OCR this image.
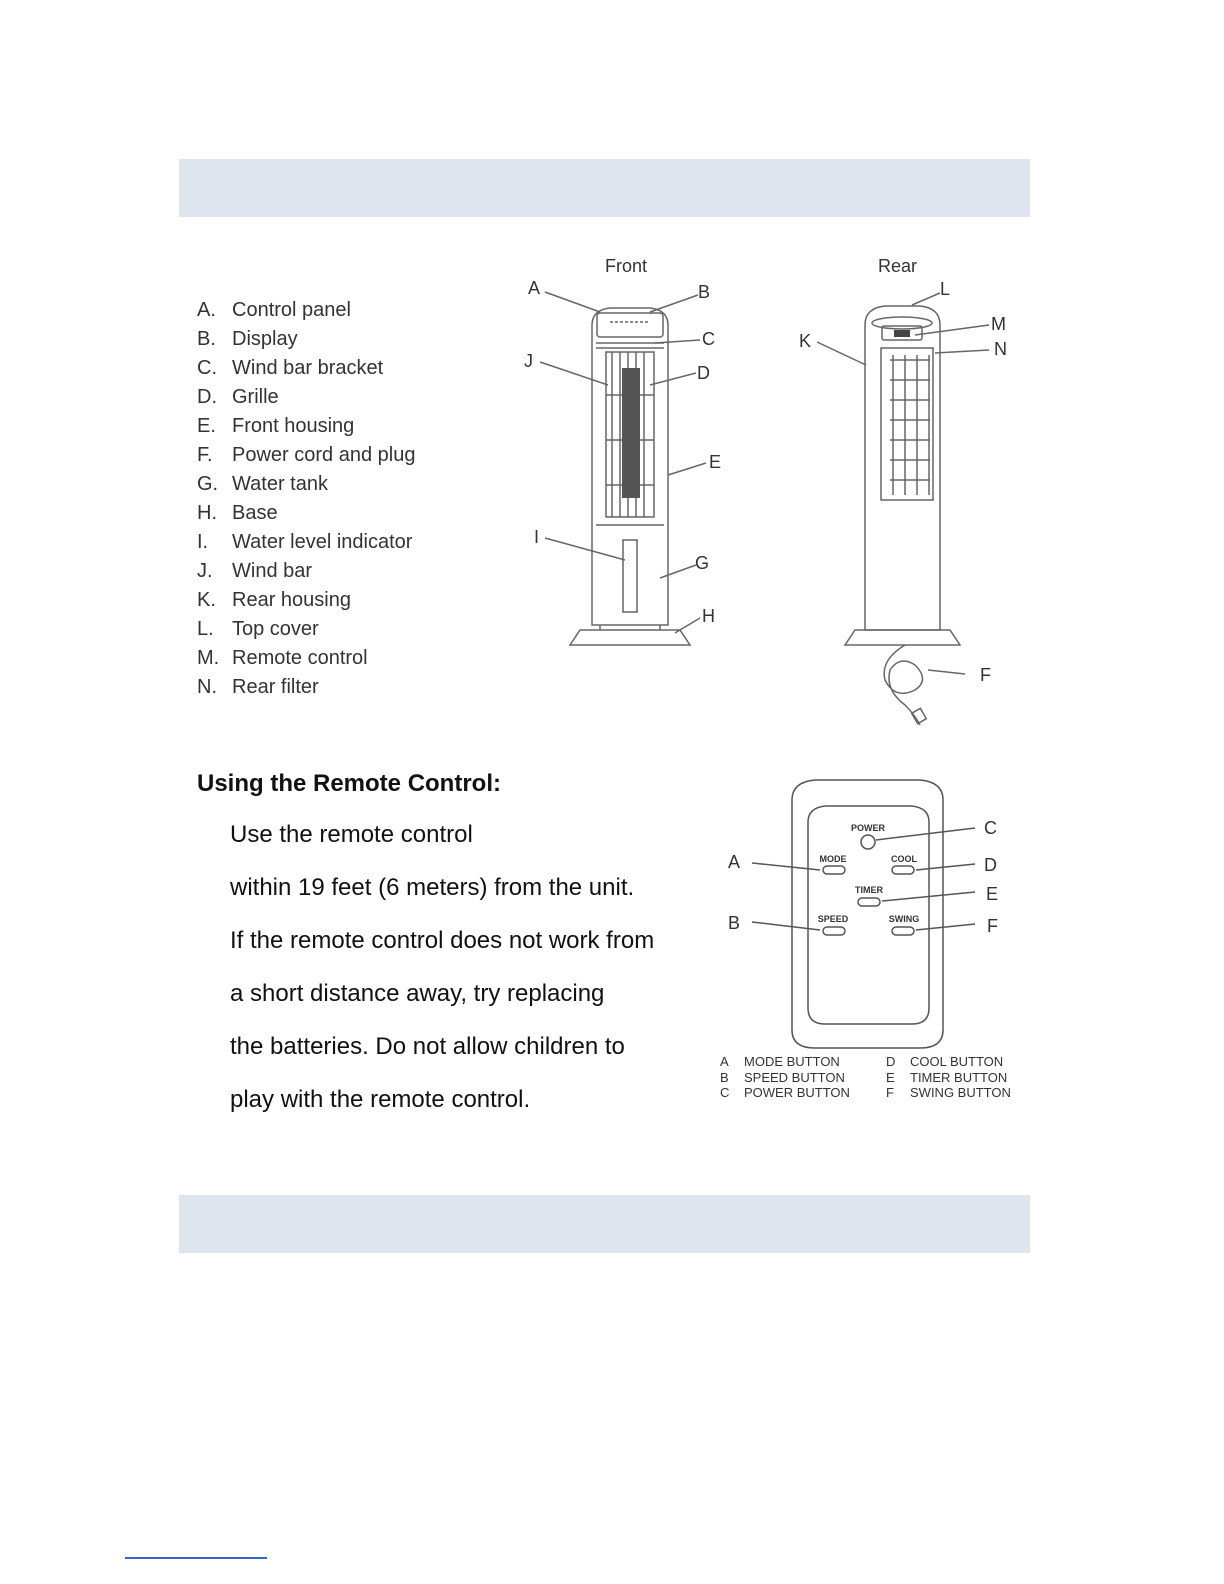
A. Control panel
B. Display
C. Wind bar bracket
D. Grille
E. Front housing
F. Power cord and plug
G. Water tank
H. Base
I. Water level indicator
J. Wind bar
K. Rear housing
L. Top cover
M. Remote control
N. Rear filter
Front	Rear
A	B
C
J
D
E
I
G
H
L
M
K	N
F
Using the Remote Control:
Use the remote control
within 19 feet (6 meters) from the unit.
If the remote control does not work from
a short distance away, try replacing
the batteries. Do not allow children to
play with the remote control.
POWER
MODE	COOL
TIMER
SPEED	SWING
A
B
C
D
E
F
A MODE BUTTON
B SPEED BUTTON
C POWER BUTTON
D COOL BUTTON
E TIMER BUTTON
F SWING BUTTON
